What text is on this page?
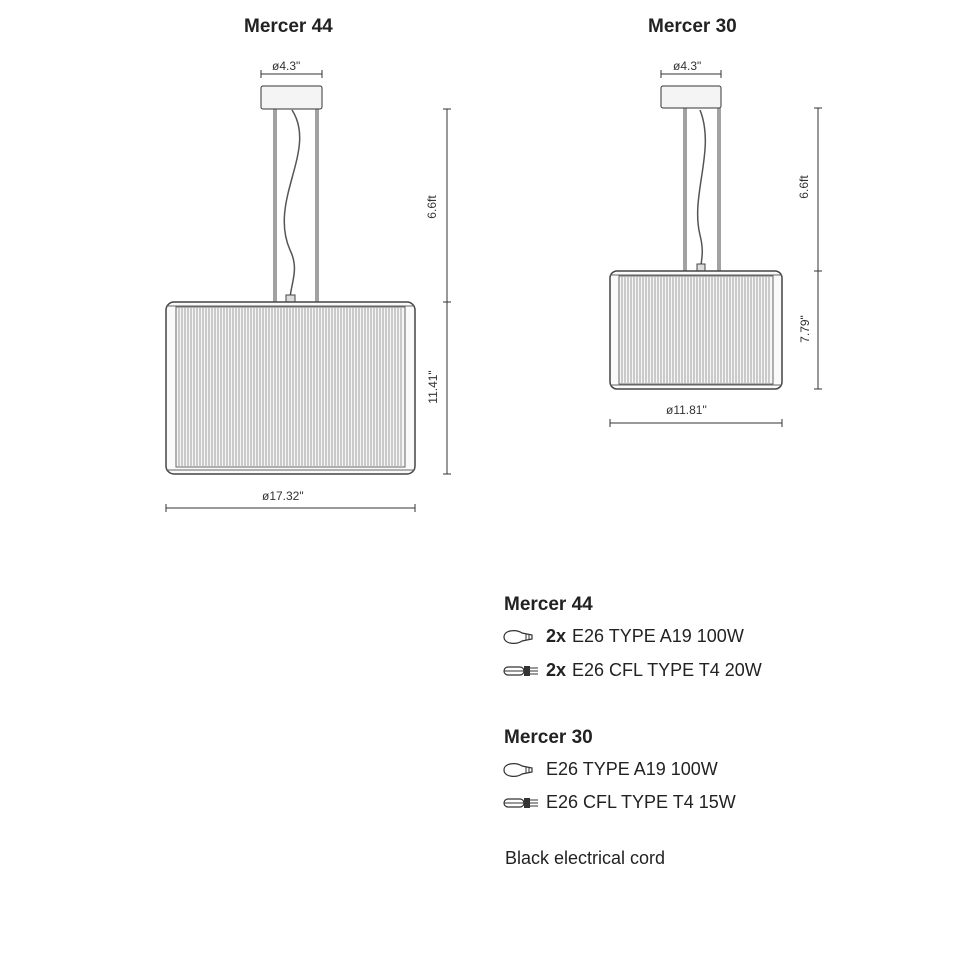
Mercer 44	Mercer 30
ø4.3"
6.6ft
11.41"
ø17.32"
ø4.3"
6.6ft
7.79"
ø11.81"
Mercer 44
2x E26 TYPE A19 100W
2x E26 CFL TYPE T4 20W
Mercer 30
E26 TYPE A19 100W
E26 CFL TYPE T4 15W
Black electrical cord
